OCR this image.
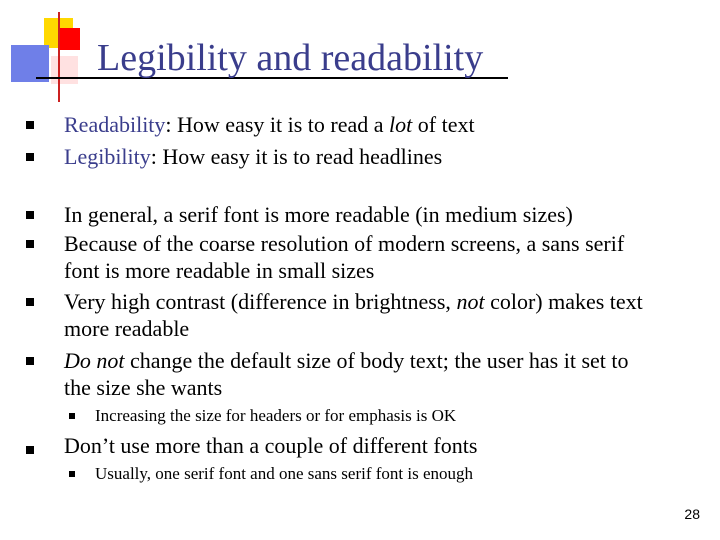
Legibility and readability
Readability: How easy it is to read a lot of text
Legibility: How easy it is to read headlines
In general, a serif font is more readable (in medium sizes)
Because of the coarse resolution of modern screens, a sans serif
font is more readable in small sizes
Very high contrast (difference in brightness, not color) makes text
more readable
Do not change the default size of body text; the user has it set to
the size she wants
Increasing the size for headers or for emphasis is OK
Don’t use more than a couple of different fonts
Usually, one serif font and one sans serif font is enough
28
